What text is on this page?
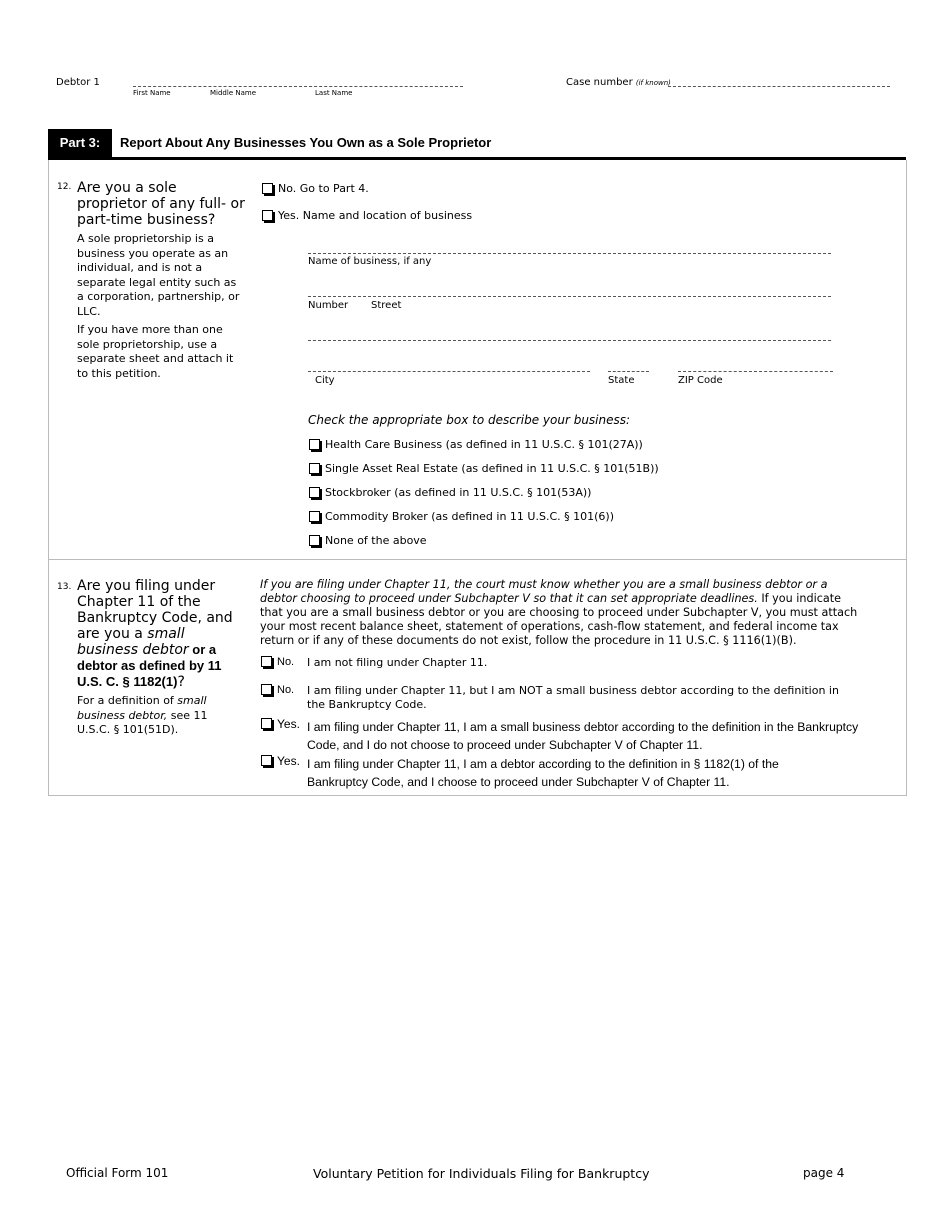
Debtor 1
First Name	Middle Name	Last Name
Case number (if known)
Part 3:	Report About Any Businesses You Own as a Sole Proprietor
12. Are you a sole proprietor of any full- or part-time business?
A sole proprietorship is a business you operate as an individual, and is not a separate legal entity such as a corporation, partnership, or LLC.
If you have more than one sole proprietorship, use a separate sheet and attach it to this petition.
No. Go to Part 4.
Yes. Name and location of business
Name of business, if any
Number Street
City	State	ZIP Code
Check the appropriate box to describe your business:
Health Care Business (as defined in 11 U.S.C. § 101(27A))
Single Asset Real Estate (as defined in 11 U.S.C. § 101(51B))
Stockbroker (as defined in 11 U.S.C. § 101(53A))
Commodity Broker (as defined in 11 U.S.C. § 101(6))
None of the above
13. Are you filing under Chapter 11 of the Bankruptcy Code, and are you a small business debtor or a debtor as defined by 11 U.S. C. § 1182(1)?
For a definition of small business debtor, see 11 U.S.C. § 101(51D).
If you are filing under Chapter 11, the court must know whether you are a small business debtor or a debtor choosing to proceed under Subchapter V so that it can set appropriate deadlines. If you indicate that you are a small business debtor or you are choosing to proceed under Subchapter V, you must attach your most recent balance sheet, statement of operations, cash-flow statement, and federal income tax return or if any of these documents do not exist, follow the procedure in 11 U.S.C. § 1116(1)(B).
No. I am not filing under Chapter 11.
No. I am filing under Chapter 11, but I am NOT a small business debtor according to the definition in the Bankruptcy Code.
Yes. I am filing under Chapter 11, I am a small business debtor according to the definition in the Bankruptcy Code, and I do not choose to proceed under Subchapter V of Chapter 11.
Yes. I am filing under Chapter 11, I am a debtor according to the definition in § 1182(1) of the Bankruptcy Code, and I choose to proceed under Subchapter V of Chapter 11.
Official Form 101	Voluntary Petition for Individuals Filing for Bankruptcy	page 4
